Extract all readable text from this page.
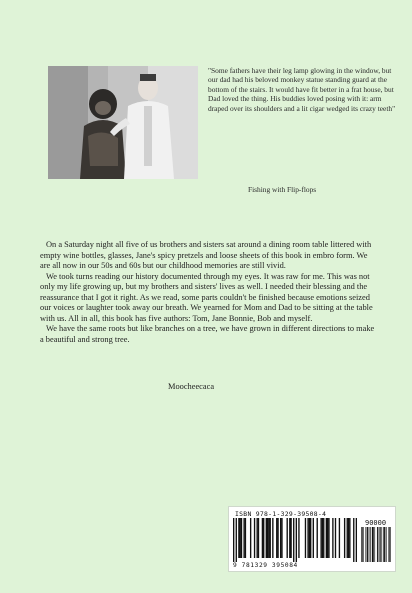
"Some fathers have their leg lamp glowing in the window, but our dad had his beloved monkey statue standing guard at the bottom of the stairs. It would have fit better in a frat house, but Dad loved the thing. His buddies loved posing with it: arm draped over its shoulders and a lit cigar wedged its crazy teeth"
Fishing with Flip-flops

On a Saturday night all five of us brothers and sisters sat around a dining room table littered with empty wine bottles, glasses, Jane's spicy pretzels and loose sheets of this book in embro form. We are all now in our 50s and 60s but our childhood memories are still vivid.

We took turns reading our history documented through my eyes. It was raw for me. This was not only my life growing up, but my brothers and sisters' lives as well. I needed their blessing and the reassurance that I got it right. As we read, some parts couldn't be finished because emotions seized our voices or laughter took away our breath. We yearned for Mom and Dad to be sitting at the table with us. All in all, this book has five authors: Tom, Jane Bonnie, Bob and myself.

We have the same roots but like branches on a tree, we have grown in different directions to make a beautiful and strong tree.

Moocheecaca
ISBN 978-1-329-39508-4
90000
9 781329 395084
